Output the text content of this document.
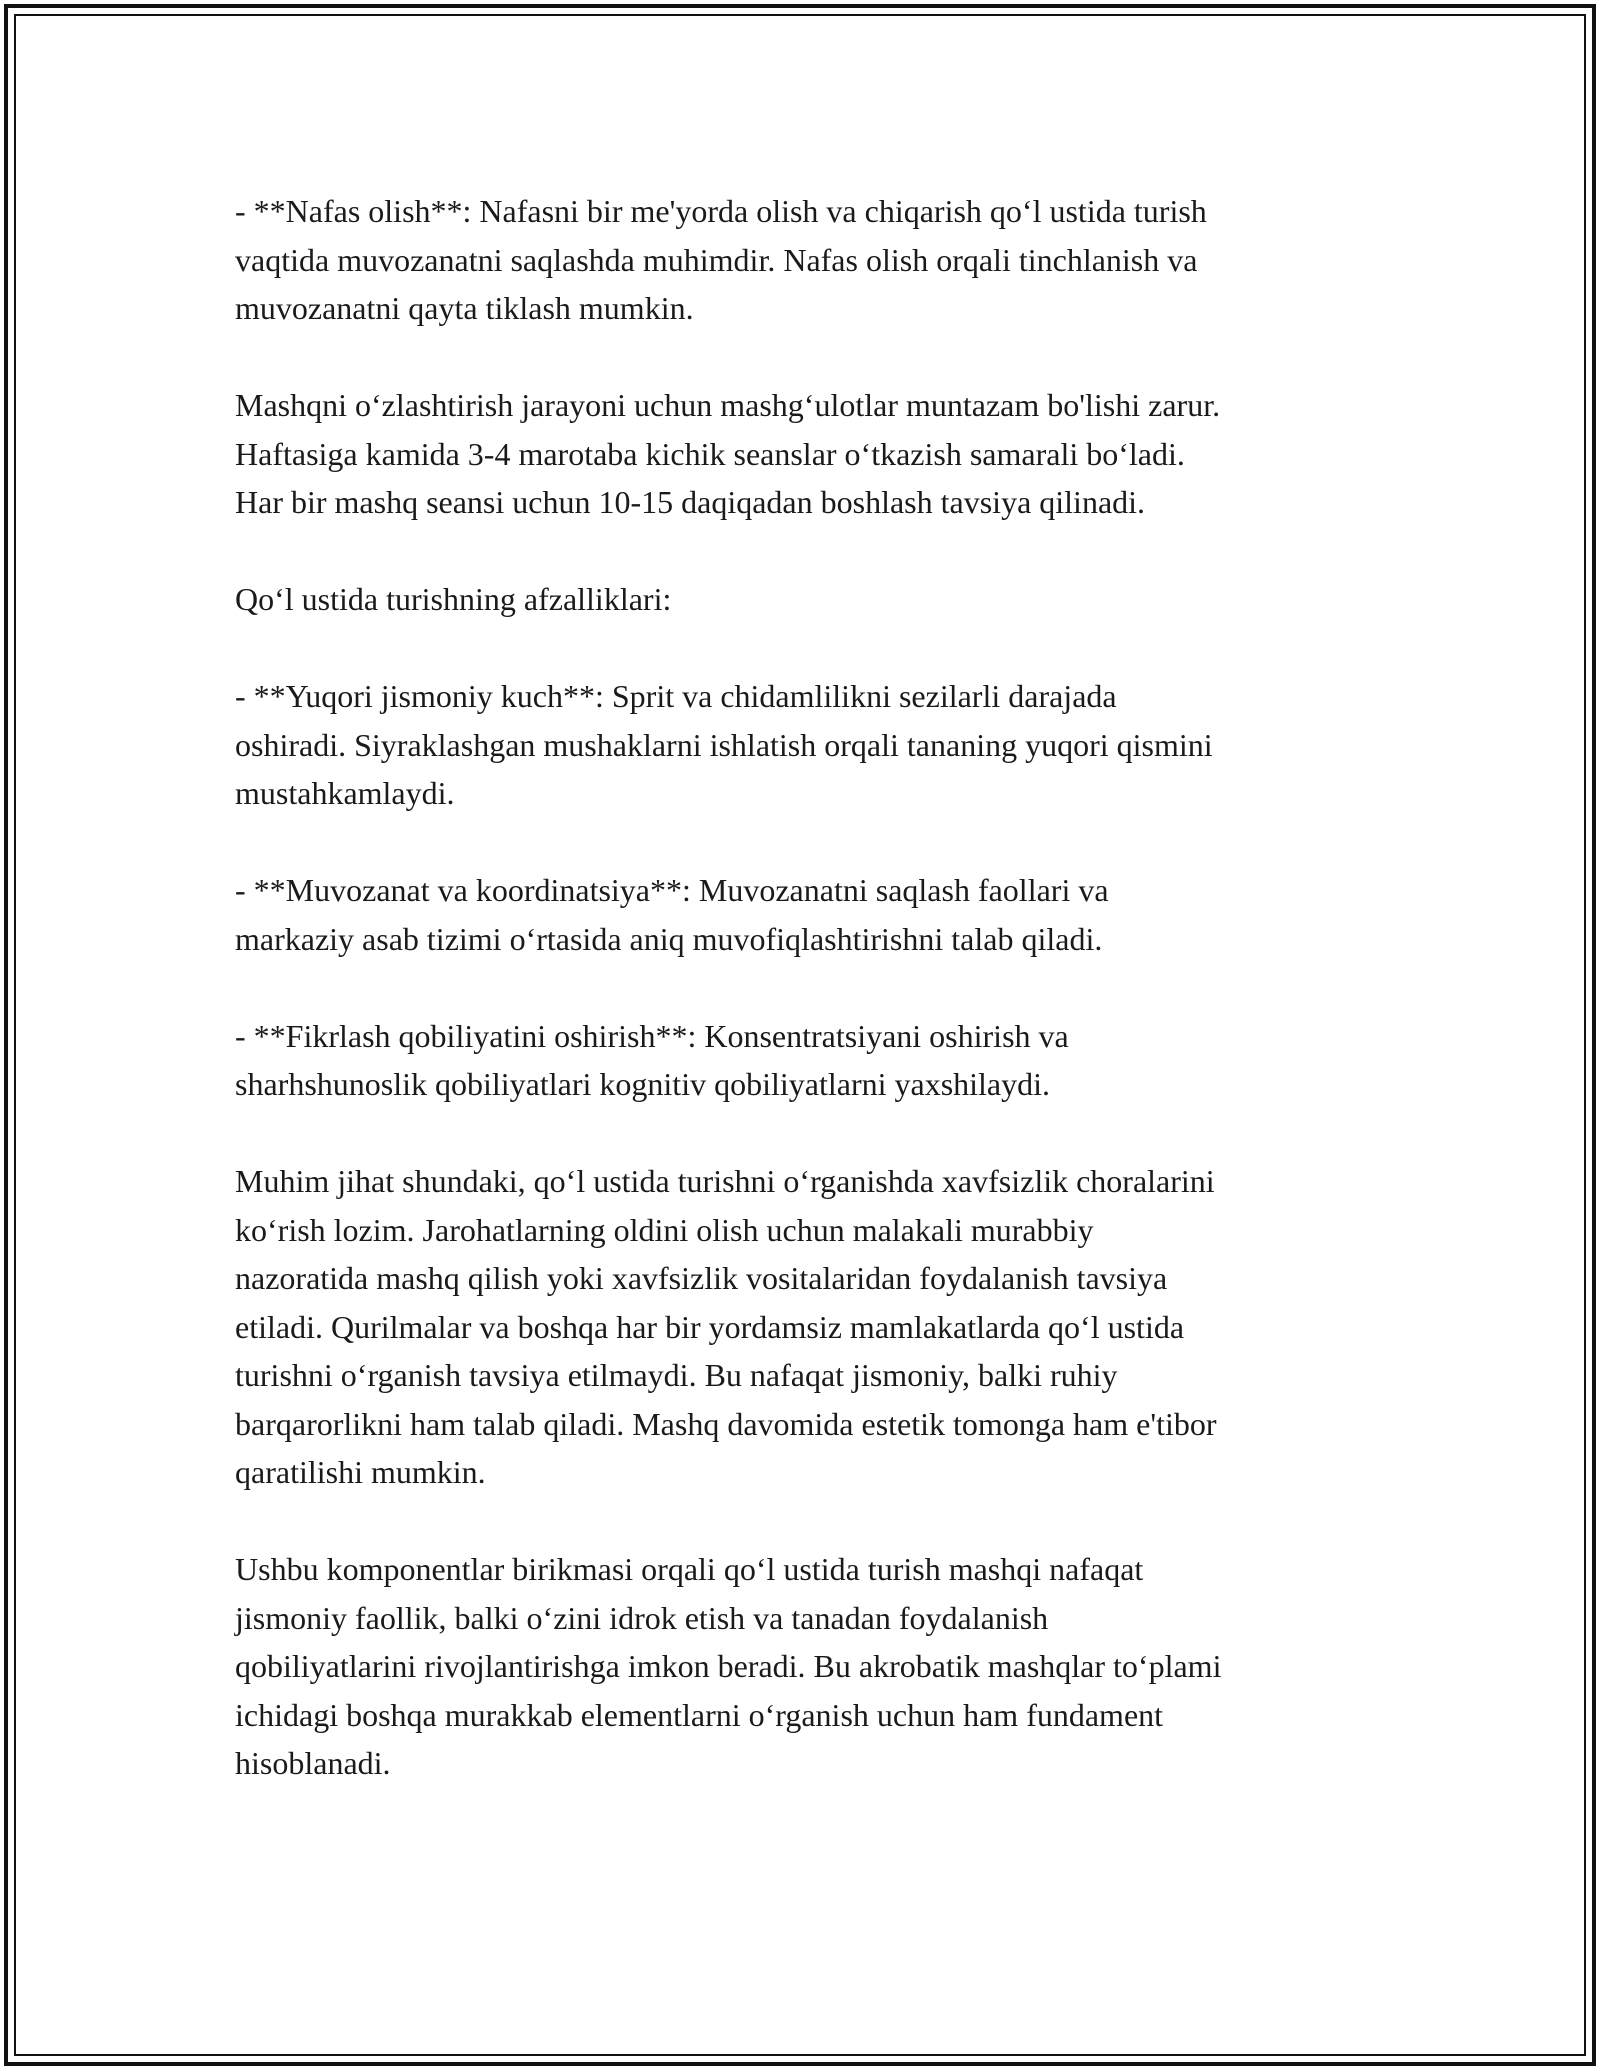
- **Nafas olish**: Nafasni bir me'yorda olish va chiqarish qoʻl ustida turish
vaqtida muvozanatni saqlashda muhimdir. Nafas olish orqali tinchlanish va
muvozanatni qayta tiklash mumkin.

Mashqni oʻzlashtirish jarayoni uchun mashgʻulotlar muntazam bo'lishi zarur.
Haftasiga kamida 3-4 marotaba kichik seanslar oʻtkazish samarali boʻladi.
Har bir mashq seansi uchun 10-15 daqiqadan boshlash tavsiya qilinadi.

Qoʻl ustida turishning afzalliklari:

- **Yuqori jismoniy kuch**: Sprit va chidamlilikni sezilarli darajada
oshiradi. Siyraklashgan mushaklarni ishlatish orqali tananing yuqori qismini
mustahkamlaydi.

- **Muvozanat va koordinatsiya**: Muvozanatni saqlash faollari va
markaziy asab tizimi oʻrtasida aniq muvofiqlashtirishni talab qiladi.

- **Fikrlash qobiliyatini oshirish**: Konsentratsiyani oshirish va
sharhshunoslik qobiliyatlari kognitiv qobiliyatlarni yaxshilaydi.

Muhim jihat shundaki, qoʻl ustida turishni oʻrganishda xavfsizlik choralarini
koʻrish lozim. Jarohatlarning oldini olish uchun malakali murabbiy
nazoratida mashq qilish yoki xavfsizlik vositalaridan foydalanish tavsiya
etiladi. Qurilmalar va boshqa har bir yordamsiz mamlakatlarda qoʻl ustida
turishni oʻrganish tavsiya etilmaydi. Bu nafaqat jismoniy, balki ruhiy
barqarorlikni ham talab qiladi. Mashq davomida estetik tomonga ham e'tibor
qaratilishi mumkin.

Ushbu komponentlar birikmasi orqali qoʻl ustida turish mashqi nafaqat
jismoniy faollik, balki oʻzini idrok etish va tanadan foydalanish
qobiliyatlarini rivojlantirishga imkon beradi. Bu akrobatik mashqlar toʻplami
ichidagi boshqa murakkab elementlarni oʻrganish uchun ham fundament
hisoblanadi.
